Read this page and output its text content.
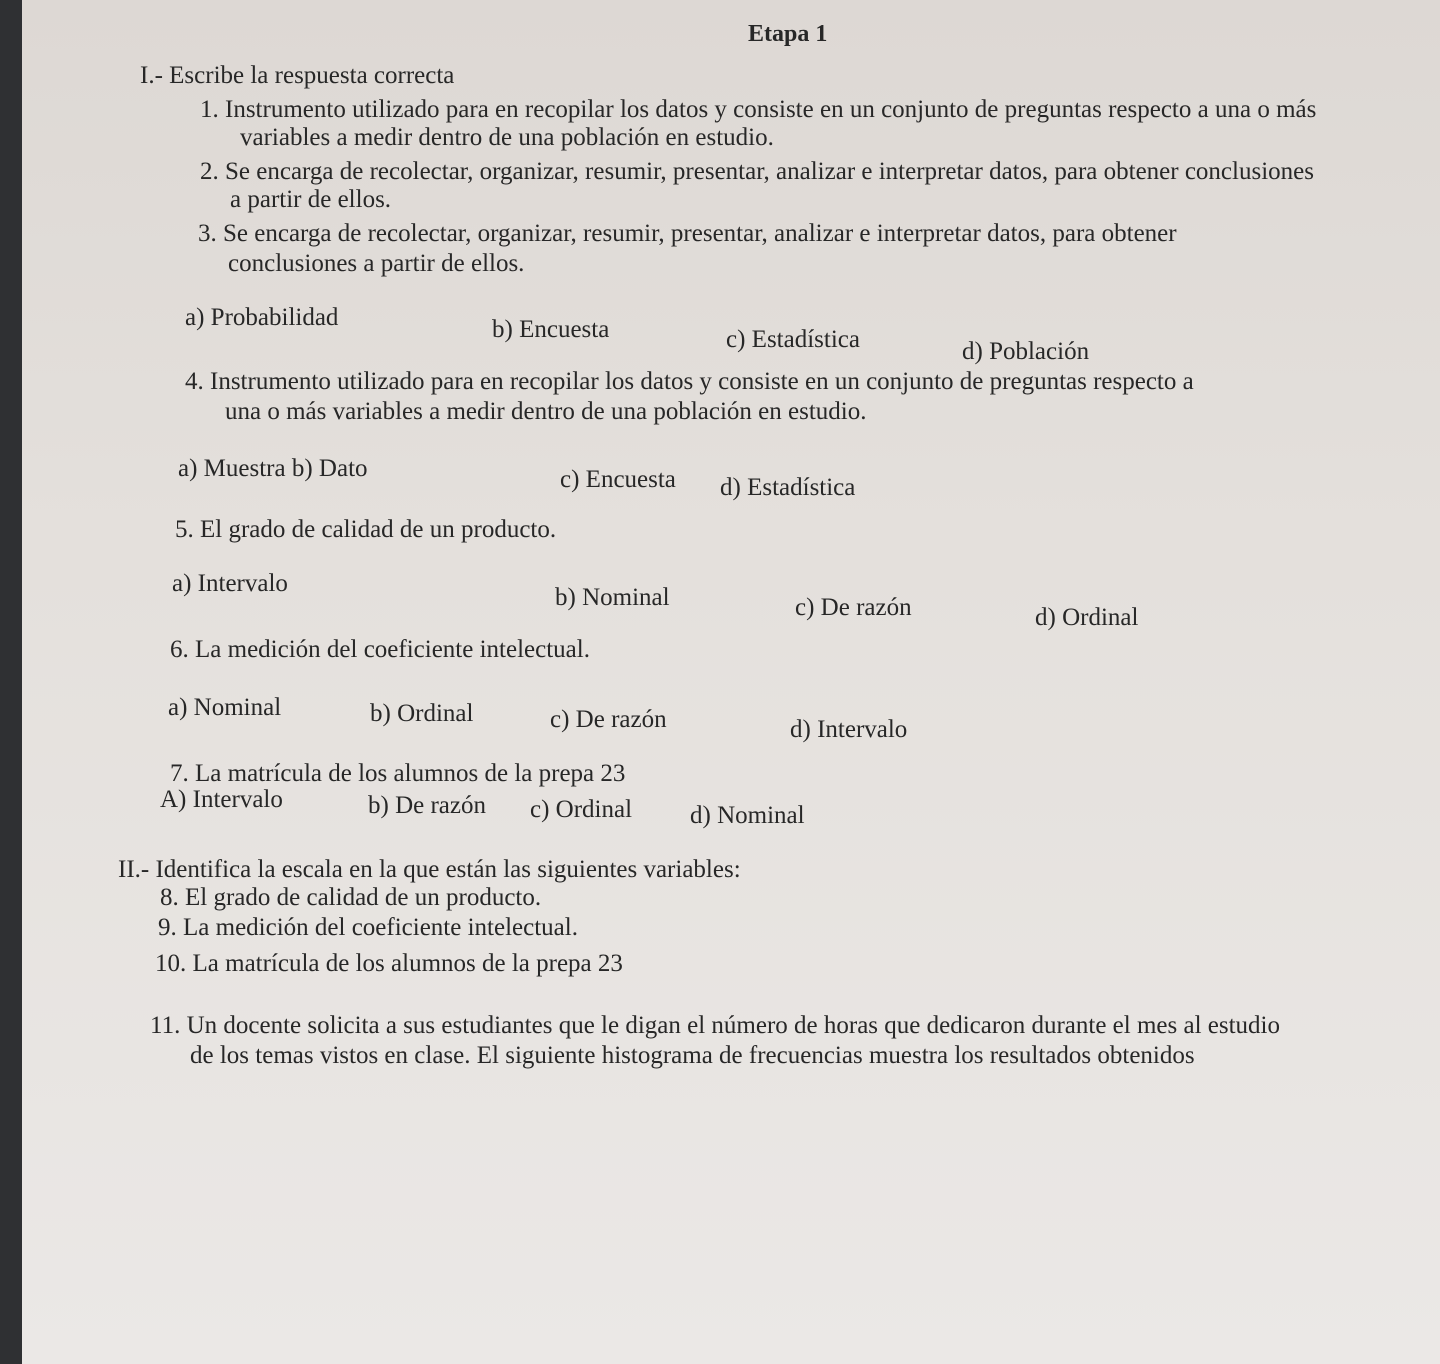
Etapa 1
I.- Escribe la respuesta correcta
1. Instrumento utilizado para en recopilar los datos y consiste en un conjunto de preguntas respecto a una o más
variables a medir dentro de una población en estudio.
2. Se encarga de recolectar, organizar, resumir, presentar, analizar e interpretar datos, para obtener conclusiones
a partir de ellos.
3. Se encarga de recolectar, organizar, resumir, presentar, analizar e interpretar datos, para obtener
conclusiones a partir de ellos.
a) Probabilidad	b) Encuesta	c) Estadística	d) Población
4. Instrumento utilizado para en recopilar los datos y consiste en un conjunto de preguntas respecto a
una o más variables a medir dentro de una población en estudio.
a) Muestra b) Dato	c) Encuesta d) Estadística
5. El grado de calidad de un producto.
a) Intervalo
b) Nominal	c) De razón	d) Ordinal
6. La medición del coeficiente intelectual.
a) Nominal	b) Ordinal	c) De razón	d) Intervalo
7. La matrícula de los alumnos de la prepa 23
A) Intervalo	b) De razón c) Ordinal d) Nominal
II.- Identifica la escala en la que están las siguientes variables:
8. El grado de calidad de un producto.
9. La medición del coeficiente intelectual.
10. La matrícula de los alumnos de la prepa 23
11. Un docente solicita a sus estudiantes que le digan el número de horas que dedicaron durante el mes al estudio
de los temas vistos en clase. El siguiente histograma de frecuencias muestra los resultados obtenidos
